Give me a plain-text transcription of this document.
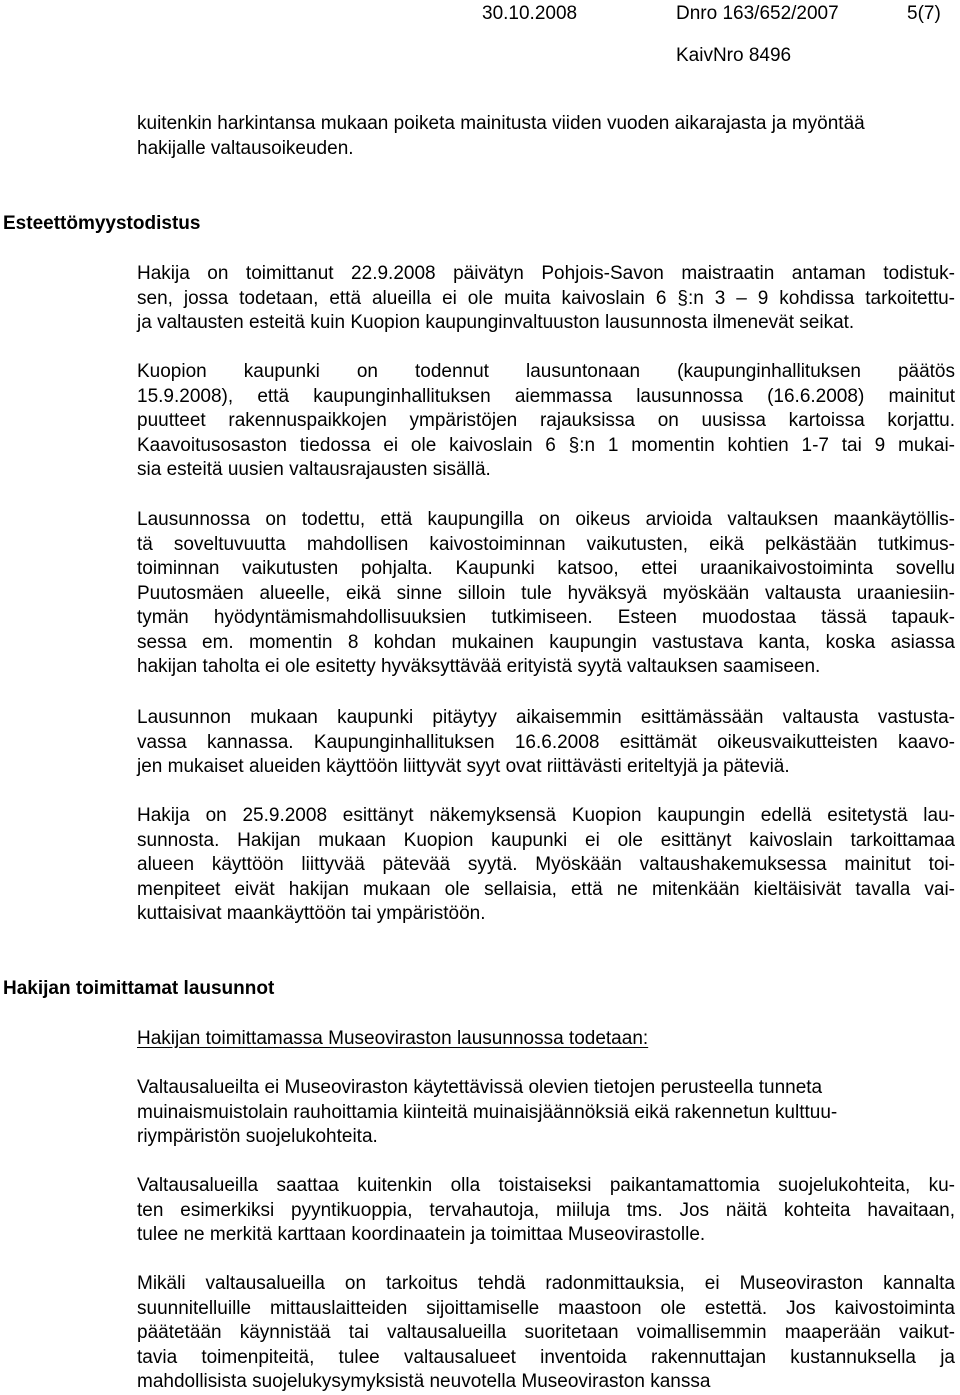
30.10.2008	Dnro 163/652/2007	5(7)
KaivNro 8496
kuitenkin harkintansa mukaan poiketa mainitusta viiden vuoden aikarajasta ja myöntää
hakijalle valtausoikeuden.
Esteettömyystodistus
Hakija on toimittanut 22.9.2008 päivätyn Pohjois-Savon maistraatin antaman todistuk-
sen, jossa todetaan, että alueilla ei ole muita kaivoslain 6 §:n 3 – 9 kohdissa tarkoitettu-
ja valtausten esteitä kuin Kuopion kaupunginvaltuuston lausunnosta ilmenevät seikat.
Kuopion kaupunki on todennut lausuntonaan (kaupunginhallituksen päätös
15.9.2008), että kaupunginhallituksen aiemmassa lausunnossa (16.6.2008) mainitut
puutteet rakennuspaikkojen ympäristöjen rajauksissa on uusissa kartoissa korjattu.
Kaavoitusosaston tiedossa ei ole kaivoslain 6 §:n 1 momentin kohtien 1-7 tai 9 mukai-
sia esteitä uusien valtausrajausten sisällä.
Lausunnossa on todettu, että kaupungilla on oikeus arvioida valtauksen maankäytöllis-
tä soveltuvuutta mahdollisen kaivostoiminnan vaikutusten, eikä pelkästään tutkimus-
toiminnan vaikutusten pohjalta. Kaupunki katsoo, ettei uraanikaivostoiminta sovellu
Puutosmäen alueelle, eikä sinne silloin tule hyväksyä myöskään valtausta uraaniesiin-
tymän hyödyntämismahdollisuuksien tutkimiseen. Esteen muodostaa tässä tapauk-
sessa em. momentin 8 kohdan mukainen kaupungin vastustava kanta, koska asiassa
hakijan taholta ei ole esitetty hyväksyttävää erityistä syytä valtauksen saamiseen.
Lausunnon mukaan kaupunki pitäytyy aikaisemmin esittämässään valtausta vastusta-
vassa kannassa. Kaupunginhallituksen 16.6.2008 esittämät oikeusvaikutteisten kaavo-
jen mukaiset alueiden käyttöön liittyvät syyt ovat riittävästi eriteltyjä ja päteviä.
Hakija on 25.9.2008 esittänyt näkemyksensä Kuopion kaupungin edellä esitetystä lau-
sunnosta. Hakijan mukaan Kuopion kaupunki ei ole esittänyt kaivoslain tarkoittamaa
alueen käyttöön liittyvää pätevää syytä. Myöskään valtaushakemuksessa mainitut toi-
menpiteet eivät hakijan mukaan ole sellaisia, että ne mitenkään kieltäisivät tavalla vai-
kuttaisivat maankäyttöön tai ympäristöön.
Hakijan toimittamat lausunnot
Hakijan toimittamassa Museoviraston lausunnossa todetaan:
Valtausalueilta ei Museoviraston käytettävissä olevien tietojen perusteella tunneta
muinaismuistolain rauhoittamia kiinteitä muinaisjäännöksiä eikä rakennetun kulttuu-
riympäristön suojelukohteita.
Valtausalueilla saattaa kuitenkin olla toistaiseksi paikantamattomia suojelukohteita, ku-
ten esimerkiksi pyyntikuoppia, tervahautoja, miiluja tms. Jos näitä kohteita havaitaan,
tulee ne merkitä karttaan koordinaatein ja toimittaa Museovirastolle.
Mikäli valtausalueilla on tarkoitus tehdä radonmittauksia, ei Museoviraston kannalta
suunnitelluille mittauslaitteiden sijoittamiselle maastoon ole estettä. Jos kaivostoiminta
päätetään käynnistää tai valtausalueilla suoritetaan voimallisemmin maaperään vaikut-
tavia toimenpiteitä, tulee valtausalueet inventoida rakennuttajan kustannuksella ja
mahdollisista suojelukysymyksistä neuvotella Museoviraston kanssa
